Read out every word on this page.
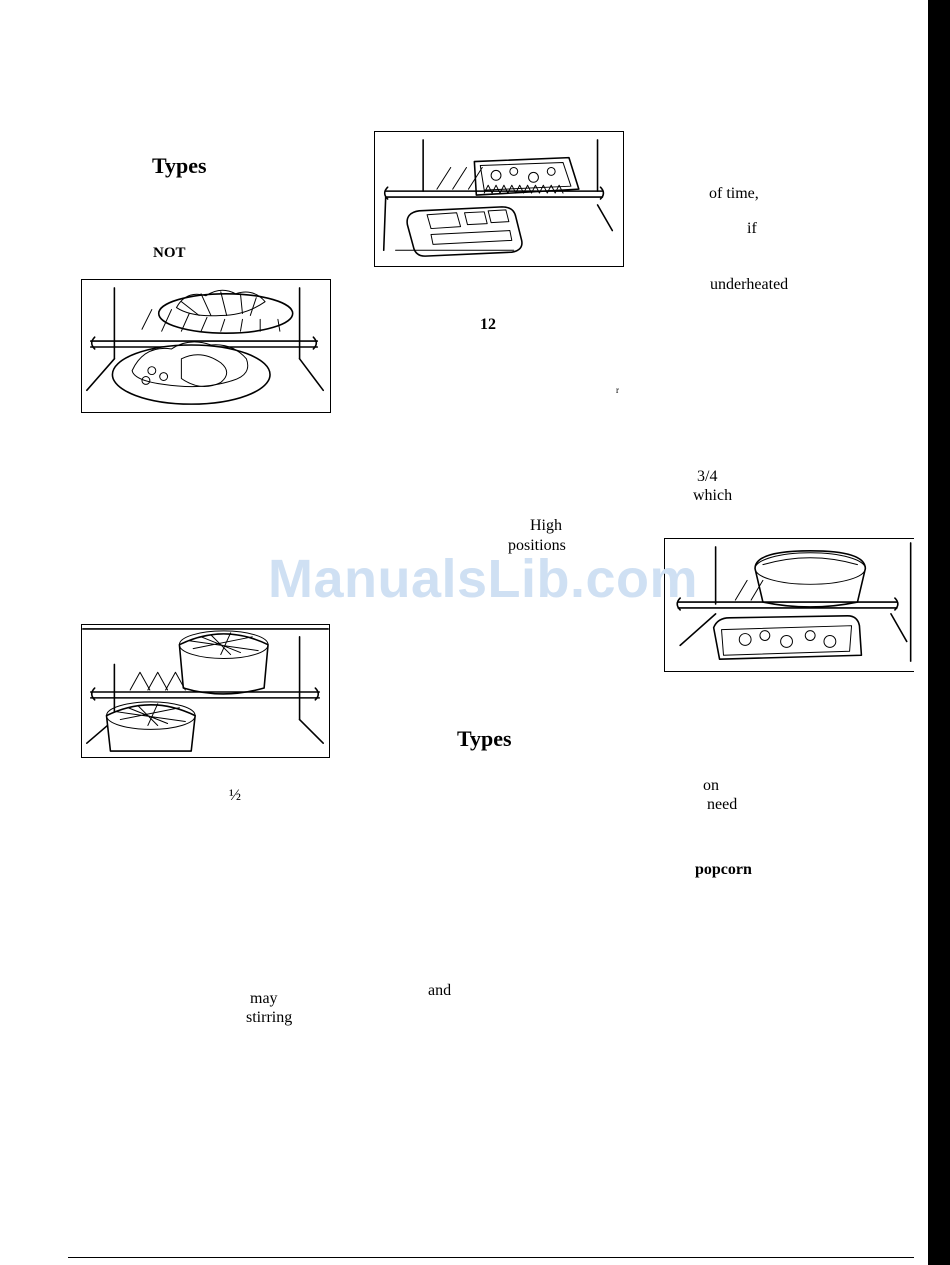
Types
NOT
½
may
stirring
12
r
High
positions
Types
and
of time,
if
underheated
3/4
which
on
need
popcorn
ManualsLib.com
